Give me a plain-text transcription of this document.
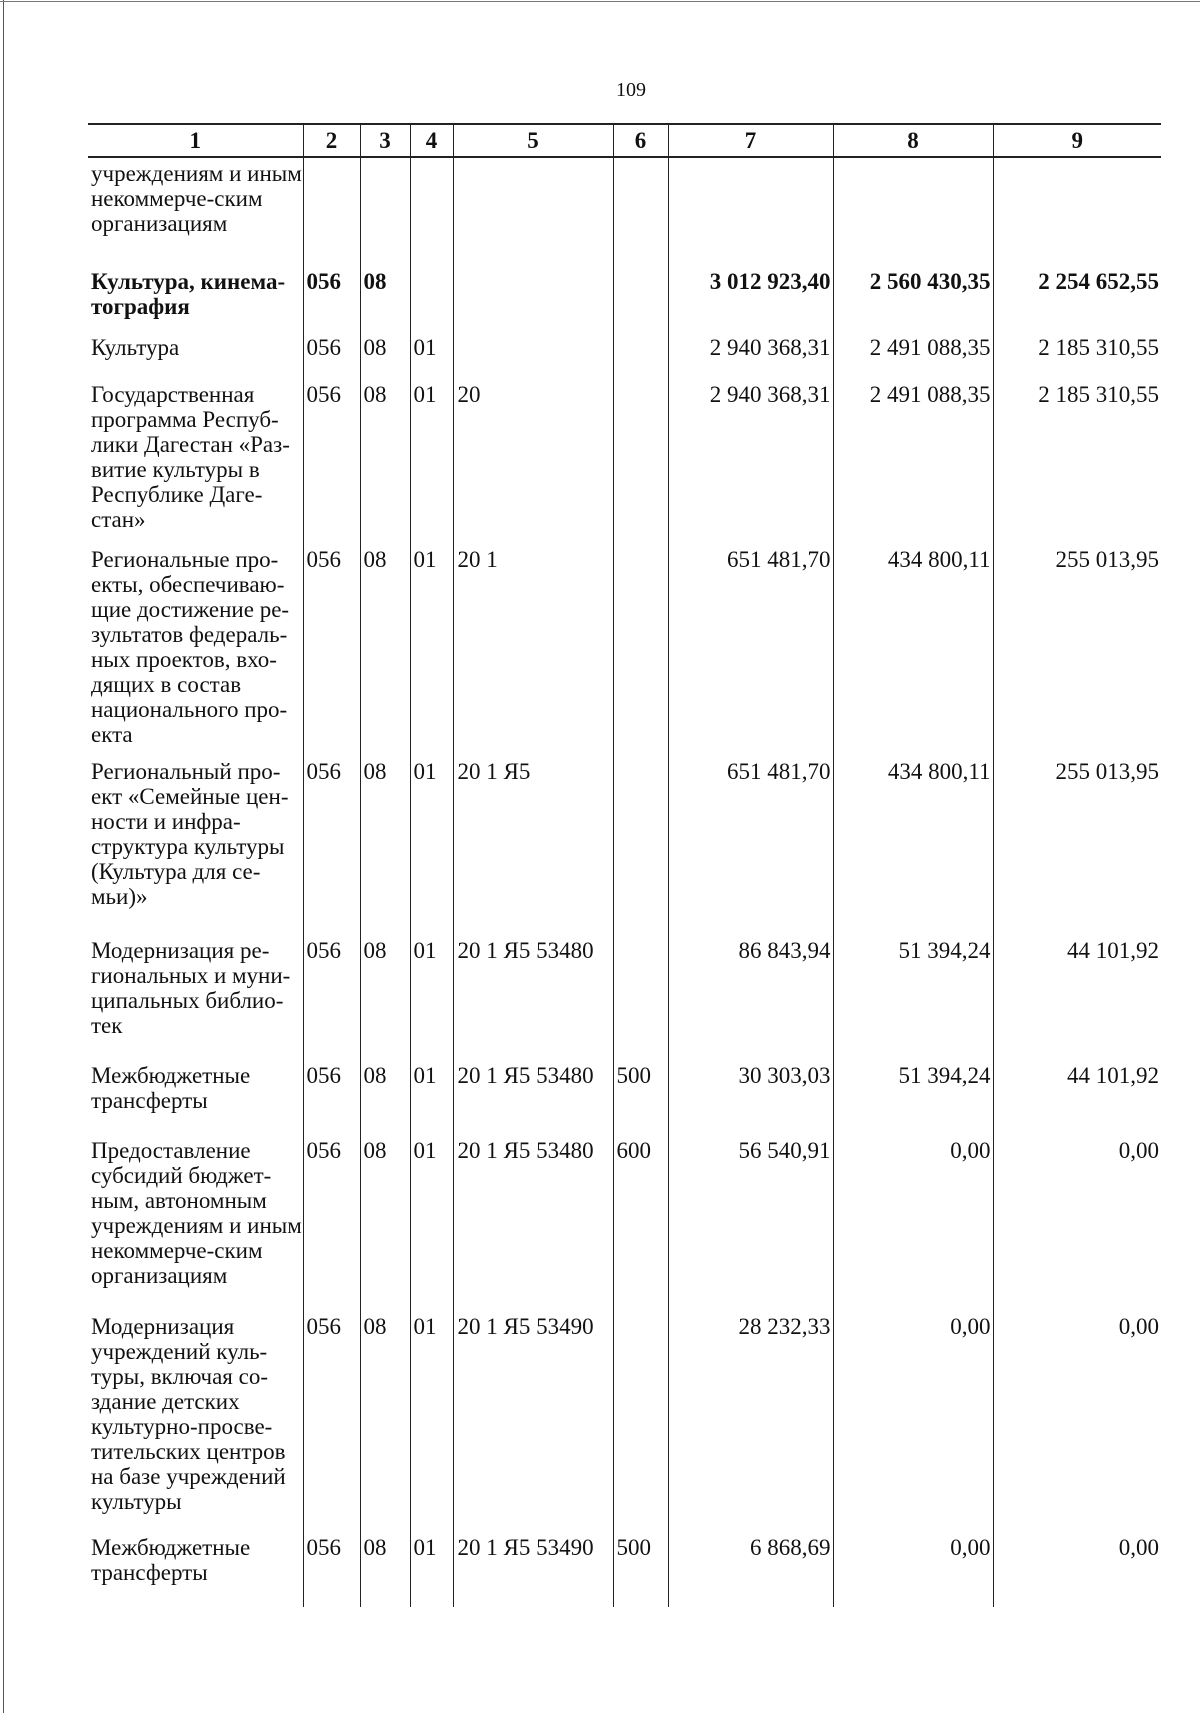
109
1	2	3	4	5	6	7	8	9
учреждениям и иным некоммерче-ским организациям								
Культура, кинема-тография	056	08				3 012 923,40	2 560 430,35	2 254 652,55
Культура	056	08	01			2 940 368,31	2 491 088,35	2 185 310,55
Государственная программа Респуб-лики Дагестан «Раз-витие культуры в Республике Даге-стан»	056	08	01	20		2 940 368,31	2 491 088,35	2 185 310,55
Региональные про-екты, обеспечиваю-щие достижение ре-зультатов федераль-ных проектов, вхо-дящих в состав национального про-екта	056	08	01	20 1		651 481,70	434 800,11	255 013,95
Региональный про-ект «Семейные цен-ности и инфра-структура культуры (Культура для се-мьи)»	056	08	01	20 1 Я5		651 481,70	434 800,11	255 013,95
Модернизация ре-гиональных и муни-ципальных библио-тек	056	08	01	20 1 Я5 53480		86 843,94	51 394,24	44 101,92
Межбюджетные трансферты	056	08	01	20 1 Я5 53480	500	30 303,03	51 394,24	44 101,92
Предоставление субсидий бюджет-ным, автономным учреждениям и иным некоммерче-ским организациям	056	08	01	20 1 Я5 53480	600	56 540,91	0,00	0,00
Модернизация учреждений куль-туры, включая со-здание детских культурно-просве-тительских центров на базе учреждений культуры	056	08	01	20 1 Я5 53490		28 232,33	0,00	0,00
Межбюджетные трансферты	056	08	01	20 1 Я5 53490	500	6 868,69	0,00	0,00
